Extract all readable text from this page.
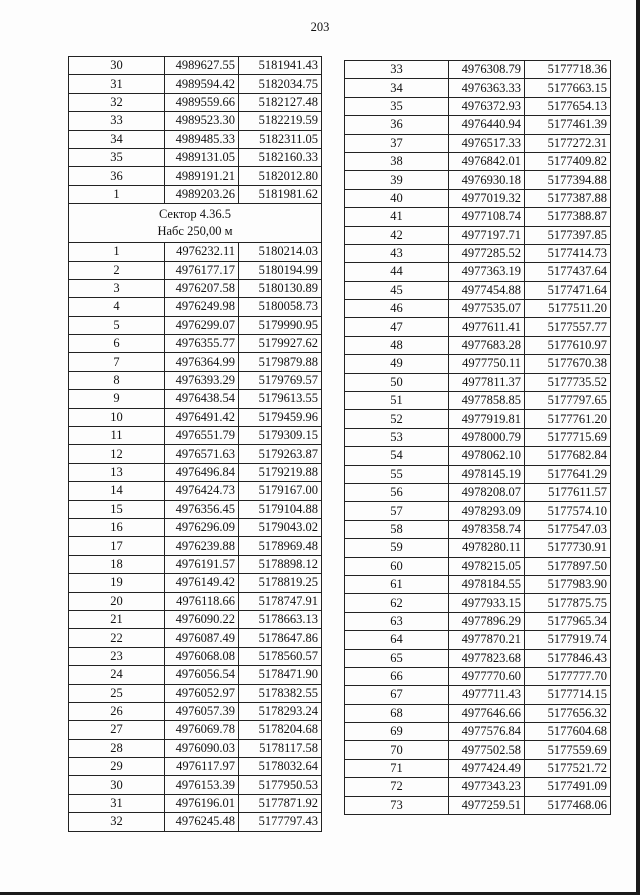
203
30	4989627.55	5181941.43
31	4989594.42	5182034.75
32	4989559.66	5182127.48
33	4989523.30	5182219.59
34	4989485.33	5182311.05
35	4989131.05	5182160.33
36	4989191.21	5182012.80
1	4989203.26	5181981.62

Сектор 4.36.5
Набс 250,00 м		

1	4976232.11	5180214.03
2	4976177.17	5180194.99
3	4976207.58	5180130.89
4	4976249.98	5180058.73
5	4976299.07	5179990.95
6	4976355.77	5179927.62
7	4976364.99	5179879.88
8	4976393.29	5179769.57
9	4976438.54	5179613.55
10	4976491.42	5179459.96
11	4976551.79	5179309.15
12	4976571.63	5179263.87
13	4976496.84	5179219.88
14	4976424.73	5179167.00
15	4976356.45	5179104.88
16	4976296.09	5179043.02
17	4976239.88	5178969.48
18	4976191.57	5178898.12
19	4976149.42	5178819.25
20	4976118.66	5178747.91
21	4976090.22	5178663.13
22	4976087.49	5178647.86
23	4976068.08	5178560.57
24	4976056.54	5178471.90
25	4976052.97	5178382.55
26	4976057.39	5178293.24
27	4976069.78	5178204.68
28	4976090.03	5178117.58
29	4976117.97	5178032.64
30	4976153.39	5177950.53
31	4976196.01	5177871.92
32	4976245.48	5177797.43
33	4976308.79	5177718.36
34	4976363.33	5177663.15
35	4976372.93	5177654.13
36	4976440.94	5177461.39
37	4976517.33	5177272.31
38	4976842.01	5177409.82
39	4976930.18	5177394.88
40	4977019.32	5177387.88
41	4977108.74	5177388.87
42	4977197.71	5177397.85
43	4977285.52	5177414.73
44	4977363.19	5177437.64
45	4977454.88	5177471.64
46	4977535.07	5177511.20
47	4977611.41	5177557.77
48	4977683.28	5177610.97
49	4977750.11	5177670.38
50	4977811.37	5177735.52
51	4977858.85	5177797.65
52	4977919.81	5177761.20
53	4978000.79	5177715.69
54	4978062.10	5177682.84
55	4978145.19	5177641.29
56	4978208.07	5177611.57
57	4978293.09	5177574.10
58	4978358.74	5177547.03
59	4978280.11	5177730.91
60	4978215.05	5177897.50
61	4978184.55	5177983.90
62	4977933.15	5177875.75
63	4977896.29	5177965.34
64	4977870.21	5177919.74
65	4977823.68	5177846.43
66	4977770.60	5177777.70
67	4977711.43	5177714.15
68	4977646.66	5177656.32
69	4977576.84	5177604.68
70	4977502.58	5177559.69
71	4977424.49	5177521.72
72	4977343.23	5177491.09
73	4977259.51	5177468.06
